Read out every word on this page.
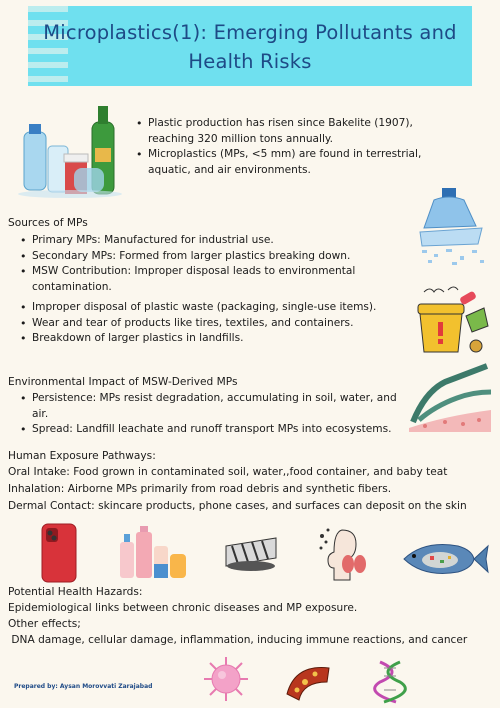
Microplastics(1): Emerging Pollutants and Health Risks
• Plastic production has risen since Bakelite (1907), reaching 320 million tons annually.
• Microplastics (MPs, <5 mm) are found in terrestrial, aquatic, and air environments.
Sources of MPs
• Primary MPs: Manufactured for industrial use.
• Secondary MPs: Formed from larger plastics breaking down.
• MSW Contribution: Improper disposal leads to environmental contamination.
• Improper disposal of plastic waste (packaging, single-use items).
• Wear and tear of products like tires, textiles, and containers.
• Breakdown of larger plastics in landfills.
Environmental Impact of MSW-Derived MPs
• Persistence: MPs resist degradation, accumulating in soil, water, and air.
• Spread: Landfill leachate and runoff transport MPs into ecosystems.
Human Exposure Pathways:
Oral Intake: Food grown in contaminated soil, water,,food container, and baby teat
Inhalation: Airborne MPs primarily from road debris and synthetic fibers.
Dermal Contact: skincare products, phone cases, and surfaces can deposit on the skin
Potential Health Hazards:
Epidemiological links between chronic diseases and MP exposure.
Other effects;
DNA damage, cellular damage, inflammation, inducing immune reactions, and cancer
Prepared by: Aysan Morovvati Zarajabad
